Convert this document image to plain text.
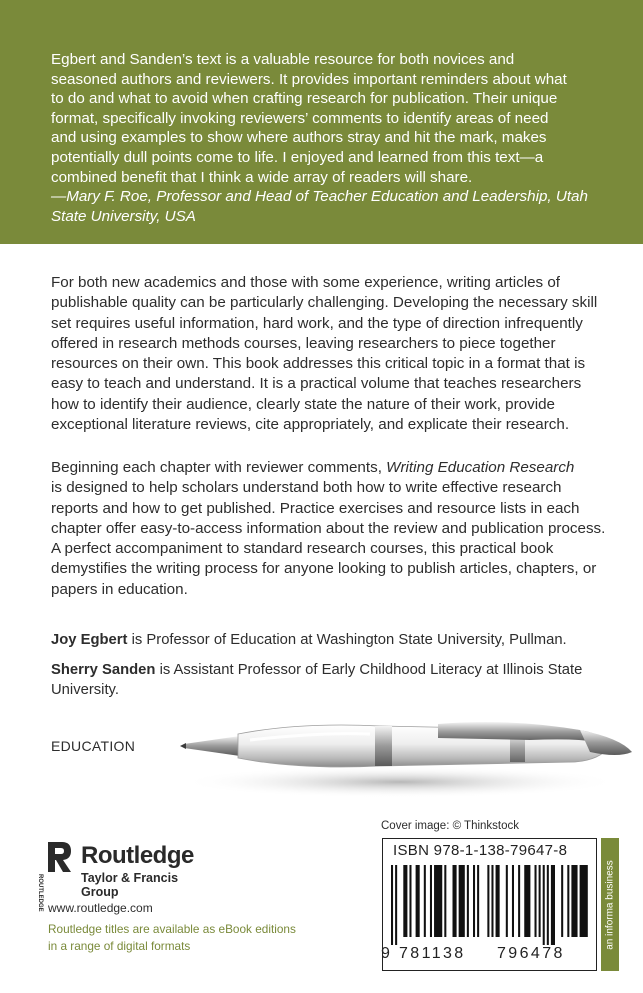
Egbert and Sanden’s text is a valuable resource for both novices and
seasoned authors and reviewers. It provides important reminders about what
to do and what to avoid when crafting research for publication. Their unique
format, specifically invoking reviewers’ comments to identify areas of need
and using examples to show where authors stray and hit the mark, makes
potentially dull points come to life. I enjoyed and learned from this text—a
combined benefit that I think a wide array of readers will share.
—Mary F. Roe, Professor and Head of Teacher Education and Leadership, Utah
State University, USA
For both new academics and those with some experience, writing articles of
publishable quality can be particularly challenging. Developing the necessary skill
set requires useful information, hard work, and the type of direction infrequently
offered in research methods courses, leaving researchers to piece together
resources on their own. This book addresses this critical topic in a format that is
easy to teach and understand. It is a practical volume that teaches researchers
how to identify their audience, clearly state the nature of their work, provide
exceptional literature reviews, cite appropriately, and explicate their research.
Beginning each chapter with reviewer comments, Writing Education Research
is designed to help scholars understand both how to write effective research
reports and how to get published. Practice exercises and resource lists in each
chapter offer easy-to-access information about the review and publication process.
A perfect accompaniment to standard research courses, this practical book
demystifies the writing process for anyone looking to publish articles, chapters, or
papers in education.
Joy Egbert is Professor of Education at Washington State University, Pullman.
Sherry Sanden is Assistant Professor of Early Childhood Literacy at Illinois State
University.
EDUCATION
ROUTLEDGE
Routledge
Taylor & Francis Group
www.routledge.com
Routledge titles are available as eBook editions
in a range of digital formats
Cover image: © Thinkstock
ISBN 978-1-138-79647-8
9 781138 796478
an informa business
